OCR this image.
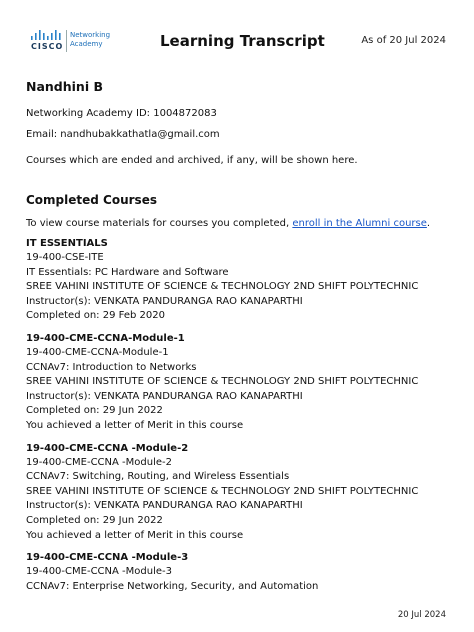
CISCO
Networking
Academy	Learning Transcript	As of 20 Jul 2024

Nandhini B

Networking Academy ID: 1004872083

Email: nandhubakkathatla@gmail.com

Courses which are ended and archived, if any, will be shown here.

Completed Courses

To view course materials for courses you completed, enroll in the Alumni course.

IT ESSENTIALS

19-400-CSE-ITE

IT Essentials: PC Hardware and Software

SREE VAHINI INSTITUTE OF SCIENCE & TECHNOLOGY 2ND SHIFT POLYTECHNIC

Instructor(s): VENKATA PANDURANGA RAO KANAPARTHI

Completed on: 29 Feb 2020

19-400-CME-CCNA-Module-1

19-400-CME-CCNA-Module-1

CCNAv7: Introduction to Networks

SREE VAHINI INSTITUTE OF SCIENCE & TECHNOLOGY 2ND SHIFT POLYTECHNIC

Instructor(s): VENKATA PANDURANGA RAO KANAPARTHI

Completed on: 29 Jun 2022

You achieved a letter of Merit in this course

19-400-CME-CCNA -Module-2

19-400-CME-CCNA -Module-2

CCNAv7: Switching, Routing, and Wireless Essentials

SREE VAHINI INSTITUTE OF SCIENCE & TECHNOLOGY 2ND SHIFT POLYTECHNIC

Instructor(s): VENKATA PANDURANGA RAO KANAPARTHI

Completed on: 29 Jun 2022

You achieved a letter of Merit in this course

19-400-CME-CCNA -Module-3

19-400-CME-CCNA -Module-3

CCNAv7: Enterprise Networking, Security, and Automation

20 Jul 2024
